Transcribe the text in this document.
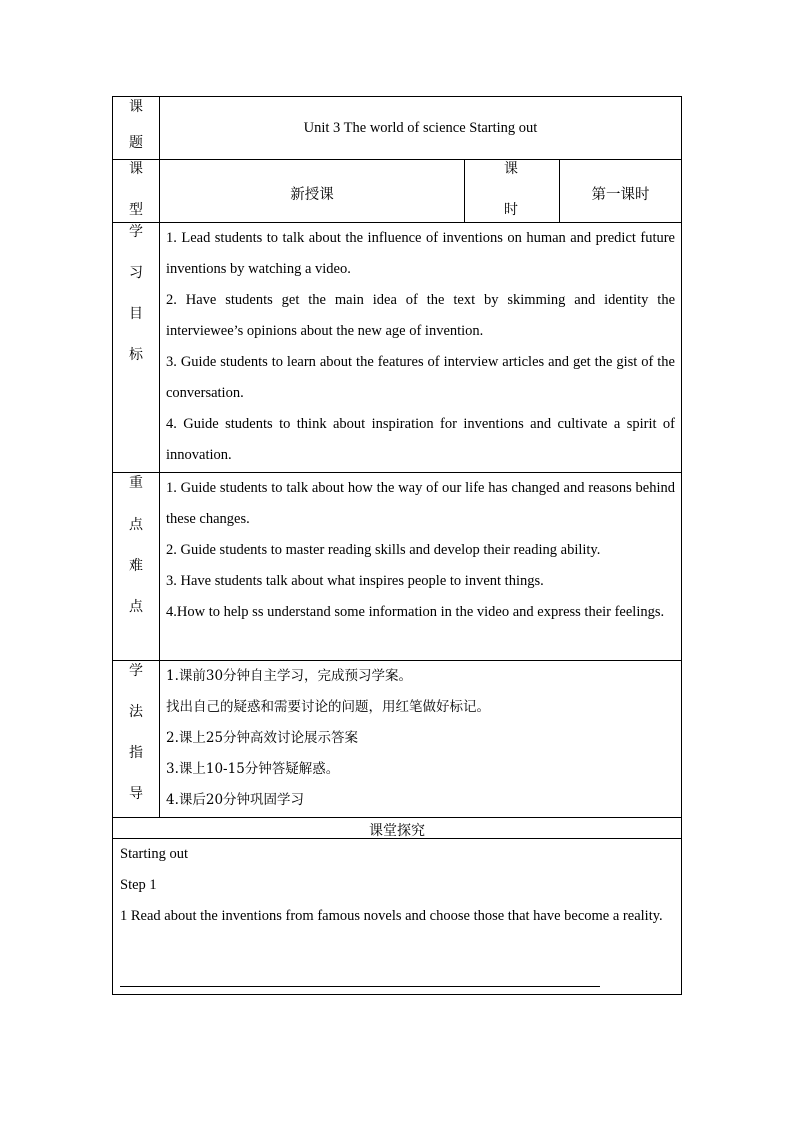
课
题
Unit 3 The world of science Starting out
课
型
新授课
课
时
第一课时
学
习
目
标

1. Lead students to talk about the influence of inventions on human and predict future inventions by watching a video.

2. Have students get the main idea of the text by skimming and identity the interviewee’s opinions about the new age of invention.

3. Guide students to learn about the features of interview articles and get the gist of the conversation.

4. Guide students to think about inspiration for inventions and cultivate a spirit of innovation.

重
点
难
点

1. Guide students to talk about how the way of our life has changed and reasons behind these changes.

2. Guide students to master reading skills and develop their reading ability.

3. Have students talk about what inspires people to invent things.

4.How to help ss understand some information in the video and express their feelings.

学
法
指
导

1.课前30分钟自主学习，完成预习学案。

找出自己的疑惑和需要讨论的问题，用红笔做好标记。

2.课上25分钟高效讨论展示答案

3.课上10-15分钟答疑解惑。

4.课后20分钟巩固学习

课堂探究

Starting out

Step 1

1 Read about the inventions from famous novels and choose those that have become a reality.
